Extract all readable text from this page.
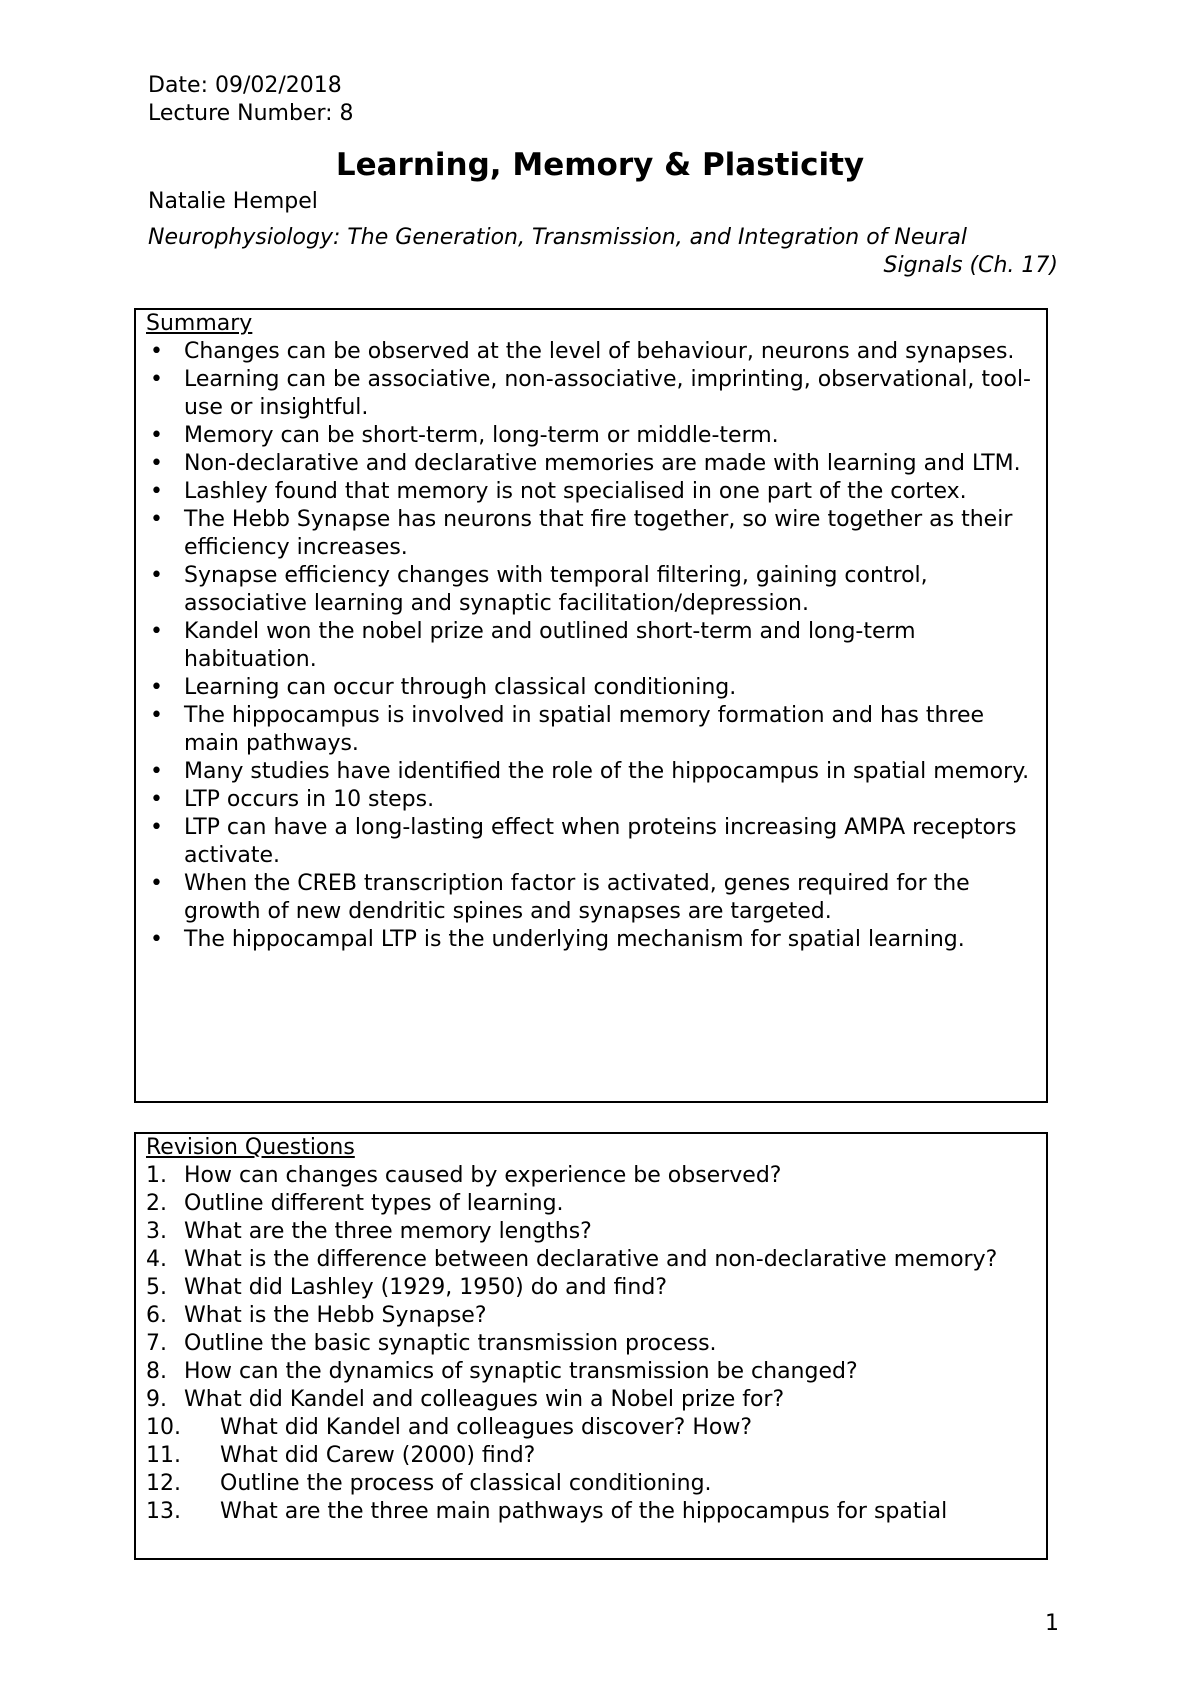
Date: 09/02/2018
Lecture Number: 8
Learning, Memory & Plasticity
Natalie Hempel
Neurophysiology: The Generation, Transmission, and Integration of Neural
Signals (Ch. 17)
Summary
• Changes can be observed at the level of behaviour, neurons and synapses.
• Learning can be associative, non-associative, imprinting, observational, tool-use or insightful.
• Memory can be short-term, long-term or middle-term.
• Non-declarative and declarative memories are made with learning and LTM.
• Lashley found that memory is not specialised in one part of the cortex.
• The Hebb Synapse has neurons that fire together, so wire together as their efficiency increases.
• Synapse efficiency changes with temporal filtering, gaining control, associative learning and synaptic facilitation/depression.
• Kandel won the nobel prize and outlined short-term and long-term habituation.
• Learning can occur through classical conditioning.
• The hippocampus is involved in spatial memory formation and has three main pathways.
• Many studies have identified the role of the hippocampus in spatial memory.
• LTP occurs in 10 steps.
• LTP can have a long-lasting effect when proteins increasing AMPA receptors activate.
• When the CREB transcription factor is activated, genes required for the growth of new dendritic spines and synapses are targeted.
• The hippocampal LTP is the underlying mechanism for spatial learning.
Revision Questions
1. How can changes caused by experience be observed?
2. Outline different types of learning.
3. What are the three memory lengths?
4. What is the difference between declarative and non-declarative memory?
5. What did Lashley (1929, 1950) do and find?
6. What is the Hebb Synapse?
7. Outline the basic synaptic transmission process.
8. How can the dynamics of synaptic transmission be changed?
9. What did Kandel and colleagues win a Nobel prize for?
10. What did Kandel and colleagues discover? How?
11. What did Carew (2000) find?
12. Outline the process of classical conditioning.
13. What are the three main pathways of the hippocampus for spatial
1
